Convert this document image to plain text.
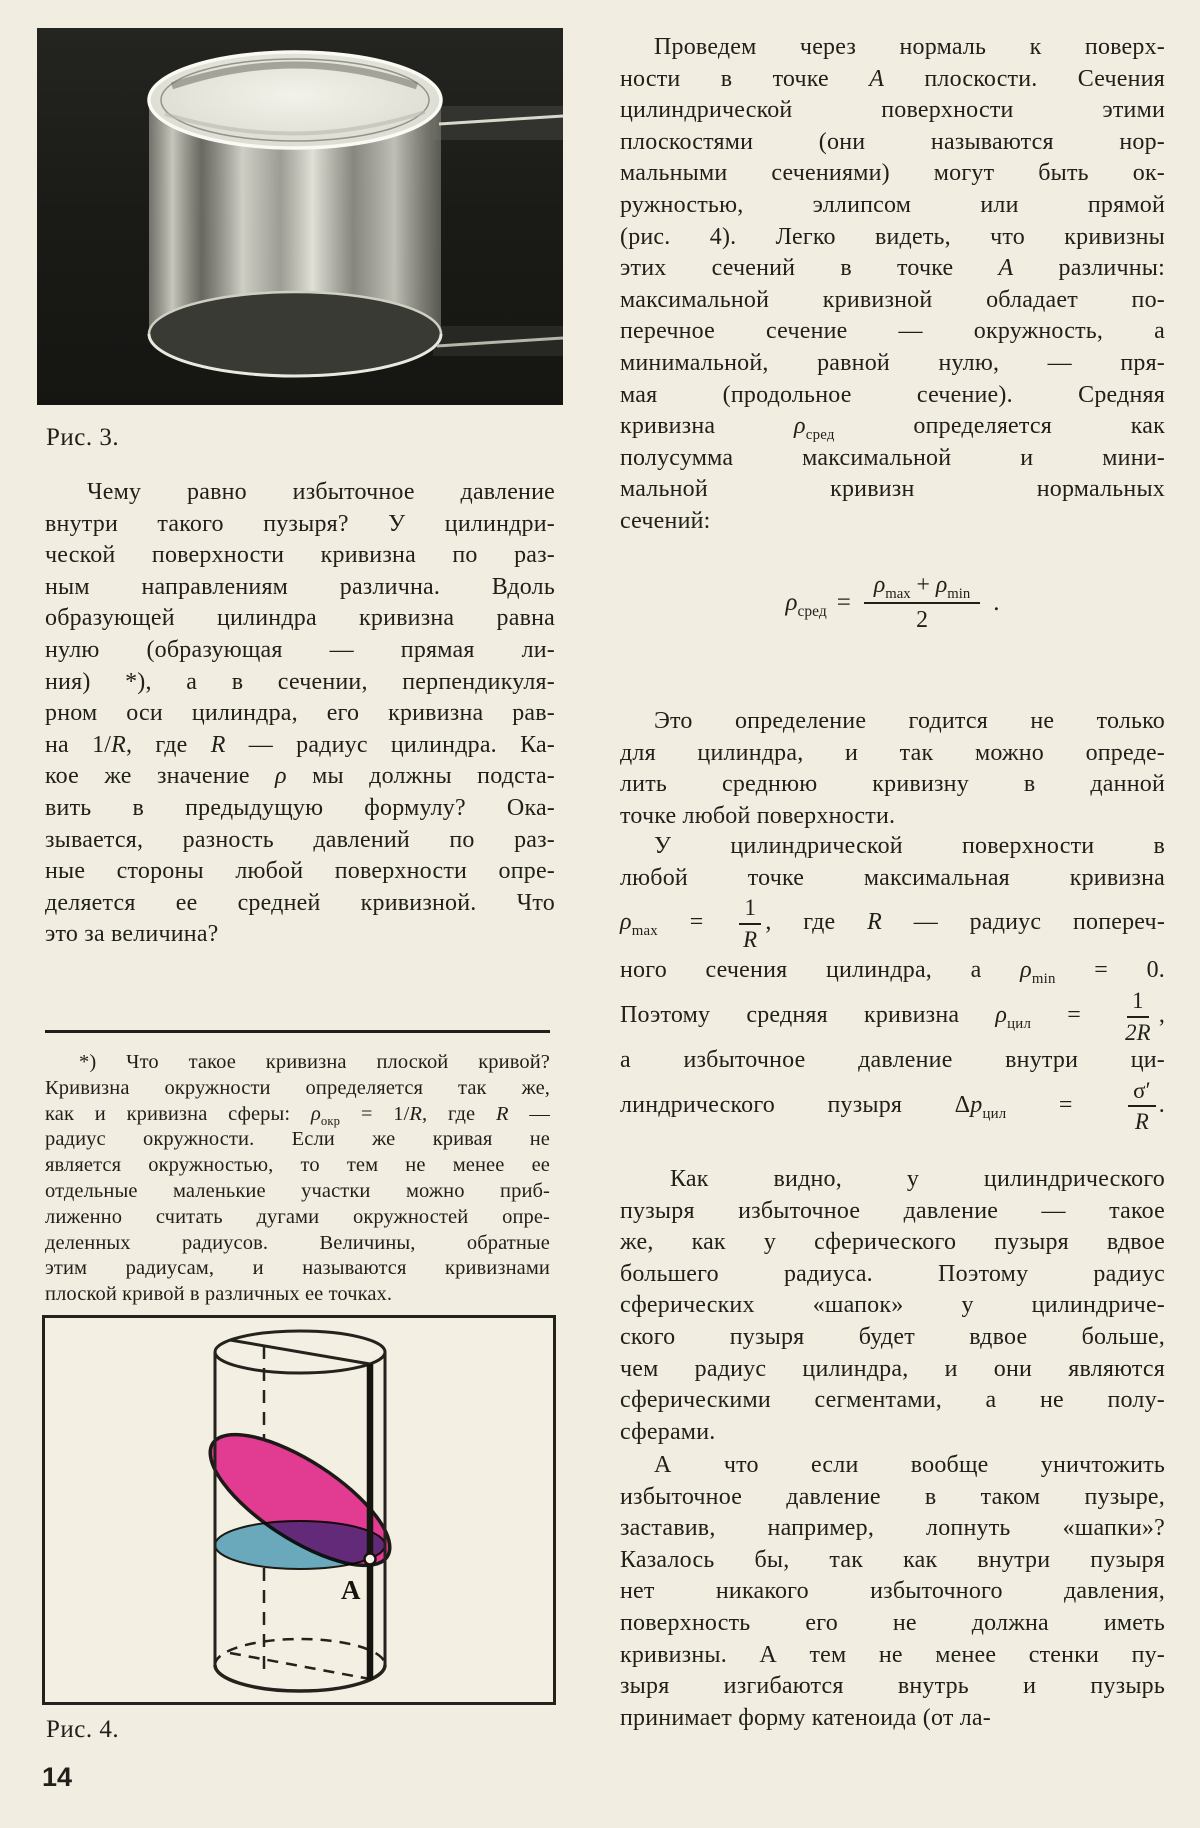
Рис. 3.
Чему равно избыточное давление
внутри такого пузыря? У цилиндри-
ческой поверхности кривизна по раз-
ным направлениям различна. Вдоль
образующей цилиндра кривизна равна
нулю (образующая — прямая ли-
ния) *), а в сечении, перпендикуля-
рном оси цилиндра, его кривизна рав-
на 1/R, где R — радиус цилиндра. Ка-
кое же значение ρ мы должны подста-
вить в предыдущую формулу? Ока-
зывается, разность давлений по раз-
ные стороны любой поверхности опре-
деляется ее средней кривизной. Что
это за величина?
*) Что такое кривизна плоской кривой?
Кривизна окружности определяется так же,
как и кривизна сферы: $\rho_{окр} = 1/R$, где R —
радиус окружности. Если же кривая не
является окружностью, то тем не менее ее
отдельные маленькие участки можно приб-
лиженно считать дугами окружностей опре-
деленных радиусов. Величины, обратные
этим радиусам, и называются кривизнами
плоской кривой в различных ее точках.
A
Рис. 4.
14
Проведем через нормаль к поверх-
ности в точке A плоскости. Сечения
цилиндрической поверхности этими
плоскостями (они называются нор-
мальными сечениями) могут быть ок-
ружностью, эллипсом или прямой
(рис. 4). Легко видеть, что кривизны
этих сечений в точке A различны:
максимальной кривизной обладает по-
перечное сечение — окружность, а
минимальной, равной нулю, — пря-
мая (продольное сечение). Средняя
кривизна $\rho_{сред}$ определяется как
полусумма максимальной и мини-
мальной кривизн нормальных
сечений:
$\rho_{сред}$ =
$\rho_{max} + \rho_{min}$
2
.
Это определение годится не только
для цилиндра, и так можно опреде-
лить среднюю кривизну в данной
точке любой поверхности.
У цилиндрической поверхности в
любой точке максимальная кривизна
$\rho_{max} = \frac{1}{R}$ , где R — радиус попереч-
ного сечения цилиндра, а $\rho_{min} = 0$.
Поэтому средняя кривизна $\rho_{цил} = \frac{1}{2R}$ ,
а избыточное давление внутри ци-
линдрического пузыря $\Delta p_{цил} = \frac{\sigma'}{R}$ .
Как видно, у цилиндрического
пузыря избыточное давление — такое
же, как у сферического пузыря вдвое
большего радиуса. Поэтому радиус
сферических «шапок» у цилиндриче-
ского пузыря будет вдвое больше,
чем радиус цилиндра, и они являются
сферическими сегментами, а не полу-
сферами.
А что если вообще уничтожить
избыточное давление в таком пузыре,
заставив, например, лопнуть «шапки»?
Казалось бы, так как внутри пузыря
нет никакого избыточного давления,
поверхность его не должна иметь
кривизны. А тем не менее стенки пу-
зыря изгибаются внутрь и пузырь
принимает форму катеноида (от ла-
